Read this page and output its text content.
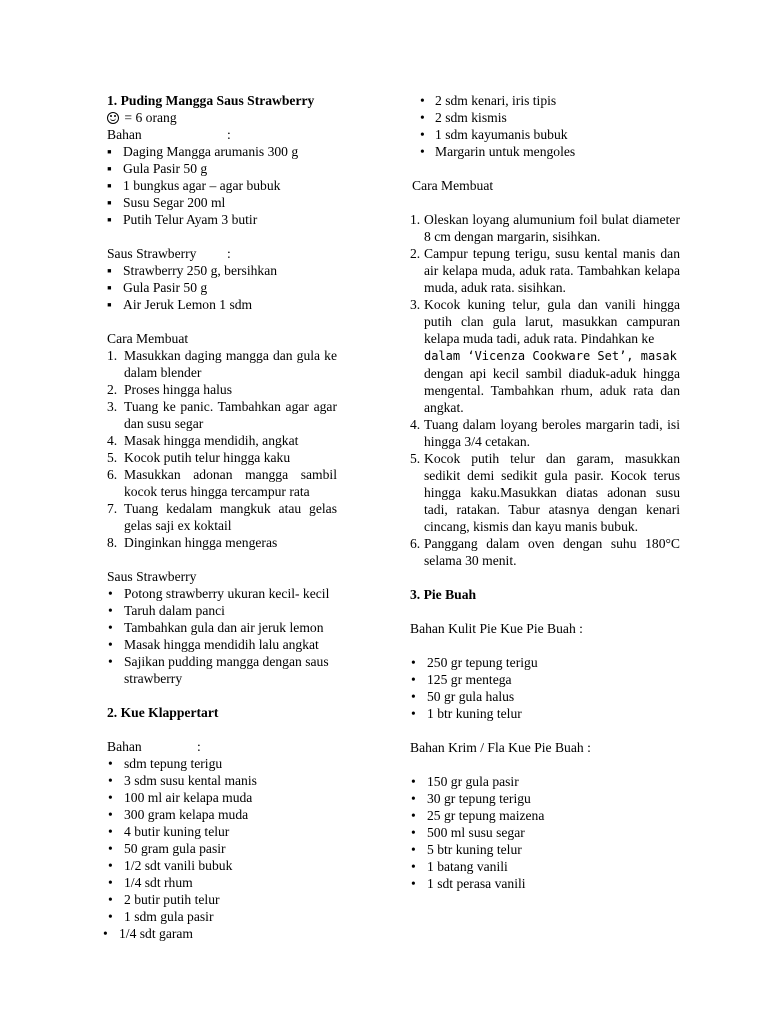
1. Puding Mangga Saus Strawberry
= 6 orang
Bahan	:
▪ Daging Mangga arumanis 300 g
▪ Gula Pasir 50 g
▪ 1 bungkus agar – agar bubuk
▪ Susu Segar 200 ml
▪ Putih Telur Ayam 3 butir
Saus Strawberry :
▪ Strawberry 250 g, bersihkan
▪ Gula Pasir 50 g
▪ Air Jeruk Lemon 1 sdm
Cara Membuat
1. Masukkan daging mangga dan gula ke dalam blender
2. Proses hingga halus
3. Tuang ke panic. Tambahkan agar agar dan susu segar
4. Masak hingga mendidih, angkat
5. Kocok putih telur hingga kaku
6. Masukkan adonan mangga sambil kocok terus hingga tercampur rata
7. Tuang kedalam mangkuk atau gelas gelas saji ex koktail
8. Dinginkan hingga mengeras
Saus Strawberry
• Potong strawberry ukuran kecil- kecil
• Taruh dalam panci
• Tambahkan gula dan air jeruk lemon
• Masak hingga mendidih lalu angkat
• Sajikan pudding mangga dengan saus strawberry
2. Kue Klappertart
Bahan	:
• sdm tepung terigu
• 3 sdm susu kental manis
• 100 ml air kelapa muda
• 300 gram kelapa muda
• 4 butir kuning telur
• 50 gram gula pasir
• 1/2 sdt vanili bubuk
• 1/4 sdt rhum
• 2 butir putih telur
• 1 sdm gula pasir
• 1/4 sdt garam
• 2 sdm kenari, iris tipis
• 2 sdm kismis
• 1 sdm kayumanis bubuk
• Margarin untuk mengoles
Cara Membuat
1. Oleskan loyang alumunium foil bulat diameter 8 cm dengan margarin, sisihkan.
2. Campur tepung terigu, susu kental manis dan air kelapa muda, aduk rata. Tambahkan kelapa muda, aduk rata. sisihkan.
3. Kocok kuning telur, gula dan vanili hingga putih clan gula larut, masukkan campuran kelapa muda tadi, aduk rata. Pindahkan ke
dalam ‘Vicenza Cookware Set’, masak
dengan api kecil sambil diaduk-aduk hingga mengental. Tambahkan rhum, aduk rata dan angkat.
4. Tuang dalam loyang beroles margarin tadi, isi hingga 3/4 cetakan.
5. Kocok putih telur dan garam, masukkan sedikit demi sedikit gula pasir. Kocok terus hingga kaku.Masukkan diatas adonan susu tadi, ratakan. Tabur atasnya dengan kenari cincang, kismis dan kayu manis bubuk.
6. Panggang dalam oven dengan suhu 180°C selama 30 menit.
3. Pie Buah
Bahan Kulit Pie Kue Pie Buah :
• 250 gr tepung terigu
• 125 gr mentega
• 50 gr gula halus
• 1 btr kuning telur
Bahan Krim / Fla Kue Pie Buah :
• 150 gr gula pasir
• 30 gr tepung terigu
• 25 gr tepung maizena
• 500 ml susu segar
• 5 btr kuning telur
• 1 batang vanili
• 1 sdt perasa vanili
